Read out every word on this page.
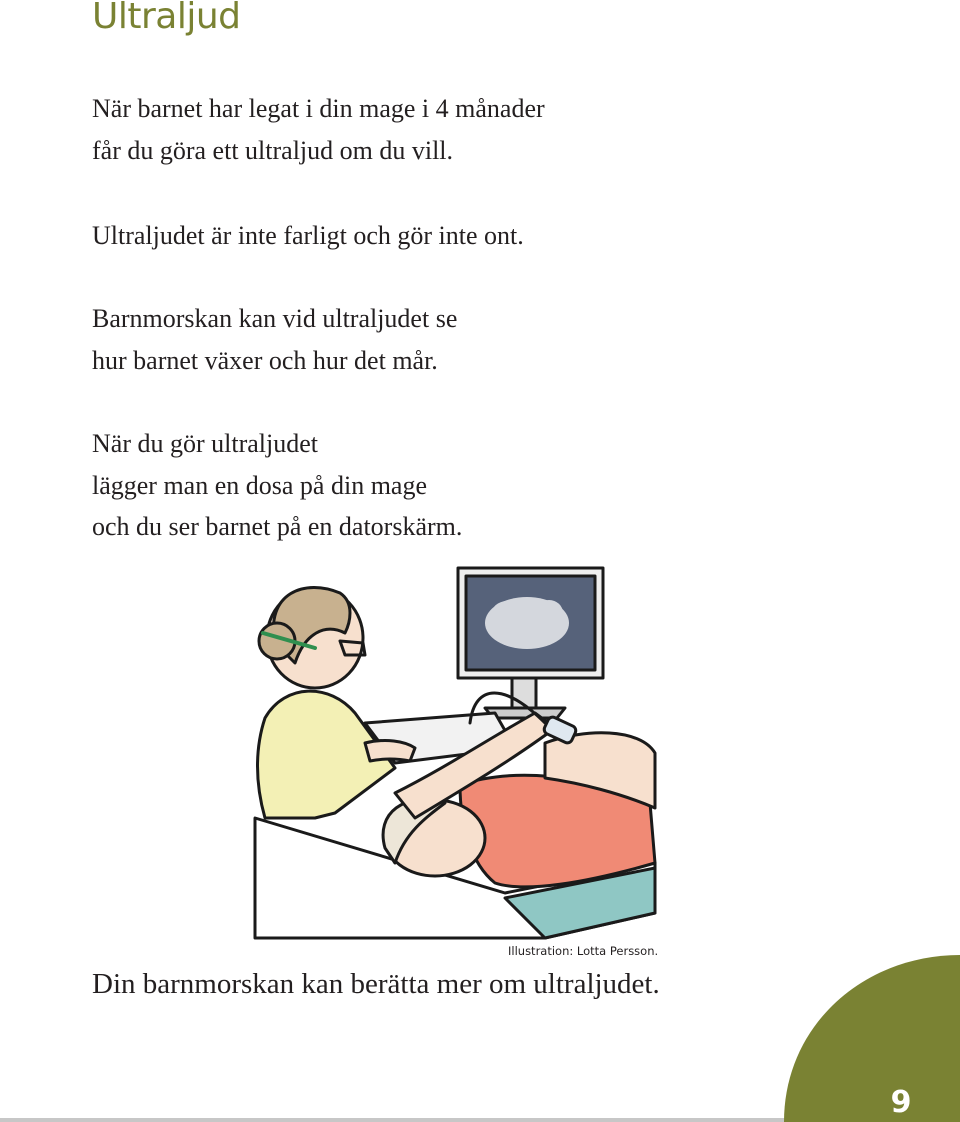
Ultraljud

När barnet har legat i din mage i 4 månader
får du göra ett ultraljud om du vill.

Ultraljudet är inte farligt och gör inte ont.

Barnmorskan kan vid ultraljudet se
hur barnet växer och hur det mår.

När du gör ultraljudet
lägger man en dosa på din mage
och du ser barnet på en datorskärm.

Illustration: Lotta Persson.

Din barnmorskan kan berätta mer om ultraljudet.

9
